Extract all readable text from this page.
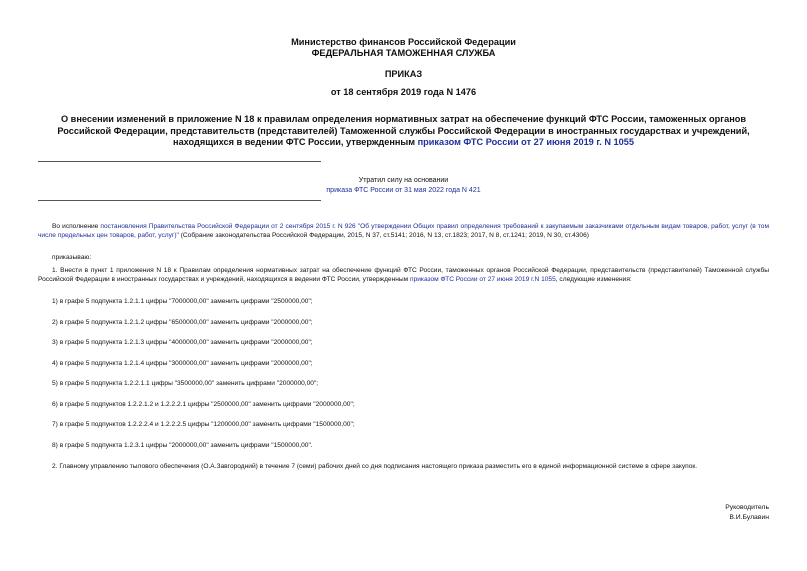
Министерство финансов Российской Федерации
ФЕДЕРАЛЬНАЯ ТАМОЖЕННАЯ СЛУЖБА
ПРИКАЗ
от 18 сентября 2019 года N 1476
О внесении изменений в приложение N 18 к правилам определения нормативных затрат на обеспечение функций ФТС России, таможенных органов Российской Федерации, представительств (представителей) Таможенной службы Российской Федерации в иностранных государствах и учреждений, находящихся в ведении ФТС России, утвержденным приказом ФТС России от 27 июня 2019 г. N 1055
Утратил силу на основании
приказа ФТС России от 31 мая 2022 года N 421
Во исполнение постановления Правительства Российской Федерации от 2 сентября 2015 г. N 926 "Об утверждении Общих правил определения требований к закупаемым заказчиками отдельным видам товаров, работ, услуг (в том числе предельных цен товаров, работ, услуг)" (Собрание законодательства Российской Федерации, 2015, N 37, ст.5141; 2016, N 13, ст.1823; 2017, N 8, ст.1241; 2019, N 30, ст.4306)
приказываю:
1. Внести в пункт 1 приложения N 18 к Правилам определения нормативных затрат на обеспечение функций ФТС России, таможенных органов Российской Федерации, представительств (представителей) Таможенной службы Российской Федерации в иностранных государствах и учреждений, находящихся в ведении ФТС России, утвержденным приказом ФТС России от 27 июня 2019 г.N 1055, следующие изменения:
1) в графе 5 подпункта 1.2.1.1 цифры "7000000,00" заменить цифрами "2500000,00";
2) в графе 5 подпункта 1.2.1.2 цифры "6500000,00" заменить цифрами "2000000,00";
3) в графе 5 подпункта 1.2.1.3 цифры "4000000,00" заменить цифрами "2000000,00";
4) в графе 5 подпункта 1.2.1.4 цифры "3000000,00" заменить цифрами "2000000,00";
5) в графе 5 подпункта 1.2.2.1.1 цифры "3500000,00" заменить цифрами "2000000,00";
6) в графе 5 подпунктов 1.2.2.1.2 и 1.2.2.2.1 цифры "2500000,00" заменить цифрами "2000000,00";
7) в графе 5 подпунктов 1.2.2.2.4 и 1.2.2.2.5 цифры "1200000,00" заменить цифрами "1500000,00";
8) в графе 5 подпункта 1.2.3.1 цифры "2000000,00" заменить цифрами "1500000,00".
2. Главному управлению тылового обеспечения (О.А.Завгородний) в течение 7 (семи) рабочих дней со дня подписания настоящего приказа разместить его в единой информационной системе в сфере закупок.
Руководитель
В.И.Булавин
